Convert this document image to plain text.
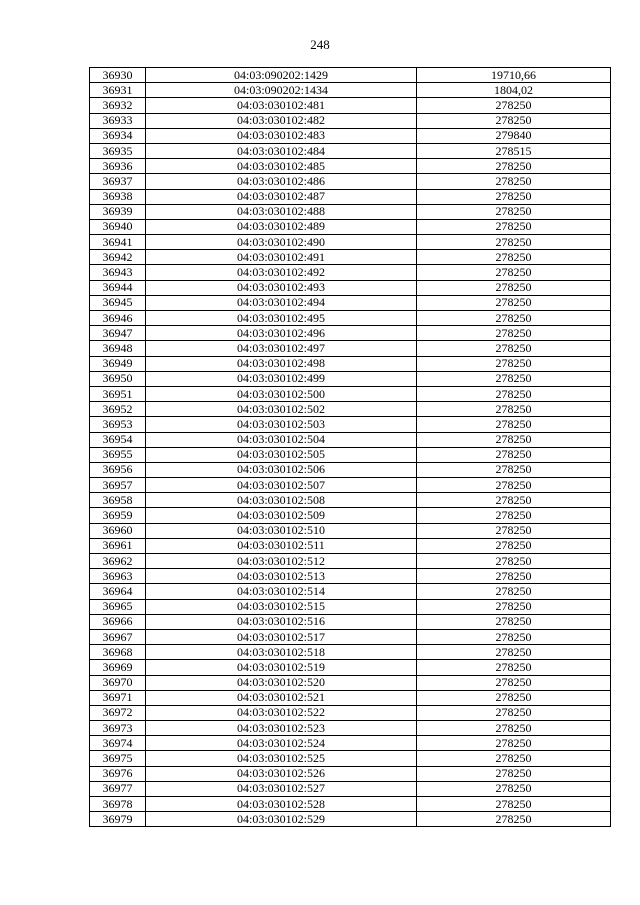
248
36930	04:03:090202:1429	19710,66
36931	04:03:090202:1434	1804,02
36932	04:03:030102:481	278250
36933	04:03:030102:482	278250
36934	04:03:030102:483	279840
36935	04:03:030102:484	278515
36936	04:03:030102:485	278250
36937	04:03:030102:486	278250
36938	04:03:030102:487	278250
36939	04:03:030102:488	278250
36940	04:03:030102:489	278250
36941	04:03:030102:490	278250
36942	04:03:030102:491	278250
36943	04:03:030102:492	278250
36944	04:03:030102:493	278250
36945	04:03:030102:494	278250
36946	04:03:030102:495	278250
36947	04:03:030102:496	278250
36948	04:03:030102:497	278250
36949	04:03:030102:498	278250
36950	04:03:030102:499	278250
36951	04:03:030102:500	278250
36952	04:03:030102:502	278250
36953	04:03:030102:503	278250
36954	04:03:030102:504	278250
36955	04:03:030102:505	278250
36956	04:03:030102:506	278250
36957	04:03:030102:507	278250
36958	04:03:030102:508	278250
36959	04:03:030102:509	278250
36960	04:03:030102:510	278250
36961	04:03:030102:511	278250
36962	04:03:030102:512	278250
36963	04:03:030102:513	278250
36964	04:03:030102:514	278250
36965	04:03:030102:515	278250
36966	04:03:030102:516	278250
36967	04:03:030102:517	278250
36968	04:03:030102:518	278250
36969	04:03:030102:519	278250
36970	04:03:030102:520	278250
36971	04:03:030102:521	278250
36972	04:03:030102:522	278250
36973	04:03:030102:523	278250
36974	04:03:030102:524	278250
36975	04:03:030102:525	278250
36976	04:03:030102:526	278250
36977	04:03:030102:527	278250
36978	04:03:030102:528	278250
36979	04:03:030102:529	278250
